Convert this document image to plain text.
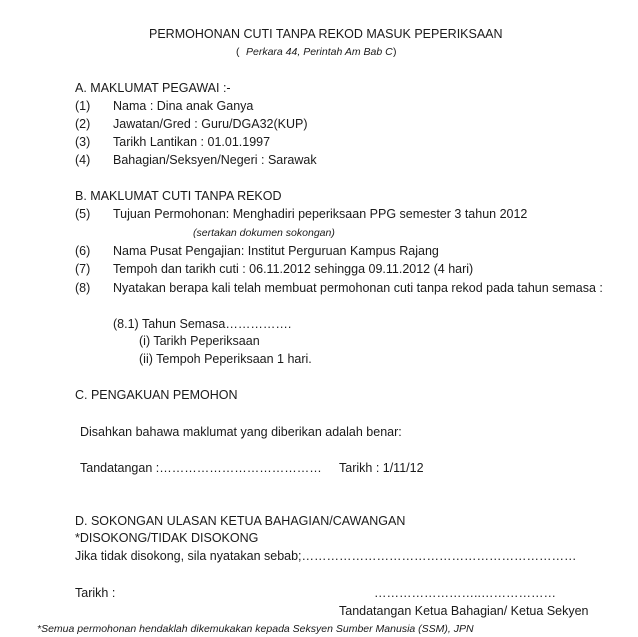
PERMOHONAN CUTI TANPA REKOD MASUK PEPERIKSAAN
( Perkara 44, Perintah Am Bab C )
A. MAKLUMAT PEGAWAI :-
(1) Nama : Dina anak Ganya
(2) Jawatan/Gred : Guru/DGA32(KUP)
(3) Tarikh Lantikan : 01.01.1997
(4) Bahagian/Seksyen/Negeri : Sarawak
B. MAKLUMAT CUTI TANPA REKOD
(5) Tujuan Permohonan: Menghadiri peperiksaan PPG semester 3 tahun 2012
(sertakan dokumen sokongan)
(6) Nama Pusat Pengajian: Institut Perguruan Kampus Rajang
(7) Tempoh dan tarikh cuti : 06.11.2012 sehingga 09.11.2012 (4 hari)
(8) Nyatakan berapa kali telah membuat permohonan cuti tanpa rekod pada tahun semasa :
(8.1) Tahun Semasa…………….
(i) Tarikh Peperiksaan
(ii) Tempoh Peperiksaan 1 hari.
C. PENGAKUAN PEMOHON
Disahkan bahawa maklumat yang diberikan adalah benar:
Tandatangan :………………………………… Tarikh : 1/11/12
D. SOKONGAN ULASAN KETUA BAHAGIAN/CAWANGAN
*DISOKONG/TIDAK DISOKONG
Jika tidak disokong, sila nyatakan sebab;…………………………………………………………
Tarikh :	……………………..………………
Tandatangan Ketua Bahagian/ Ketua Sekyen
*Semua permohonan hendaklah dikemukakan kepada Seksyen Sumber Manusia (SSM), JPN
